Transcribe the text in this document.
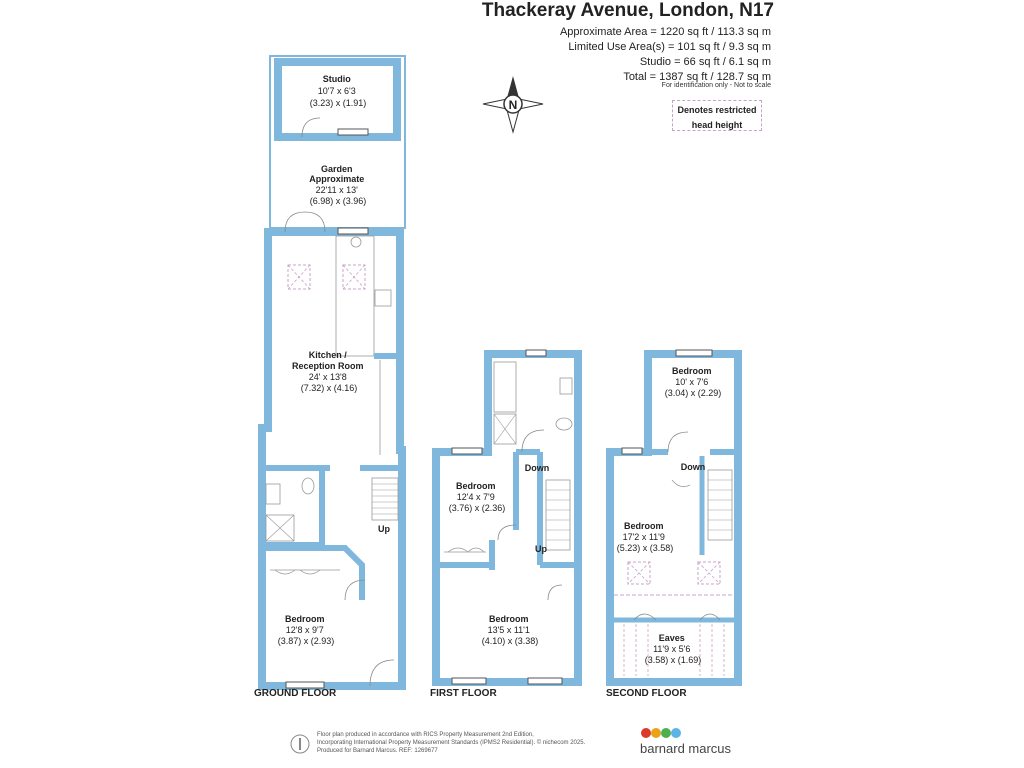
Thackeray Avenue, London, N17
Approximate Area = 1220 sq ft / 113.3 sq m
Limited Use Area(s) = 101 sq ft / 9.3 sq m
Studio = 66 sq ft / 6.1 sq m
Total = 1387 sq ft / 128.7 sq m
For identification only - Not to scale
Denotes restricted
head height
N
Studio 10'7 x 6'3 (3.23) x (1.91)
Garden Approximate 22'11 x 13' (6.98) x (3.96)
Kitchen / Reception Room 24' x 13'8 (7.32) x (4.16)
Bedroom 12'8 x 9'7 (3.87) x (2.93)
Up
Bedroom 12'4 x 7'9 (3.76) x (2.36)
Bedroom 13'5 x 11'1 (4.10) x (3.38)
Down
Up
Bedroom 10' x 7'6 (3.04) x (2.29)
Bedroom 17'2 x 11'9 (5.23) x (3.58)
Eaves 11'9 x 5'6 (3.58) x (1.69)
Down
GROUND FLOOR	FIRST FLOOR	SECOND FLOOR
Floor plan produced in accordance with RICS Property Measurement 2nd Edition,
Incorporating International Property Measurement Standards (IPMS2 Residential). © nichecom 2025.
Produced for Barnard Marcus. REF: 1269677	barnard marcus
